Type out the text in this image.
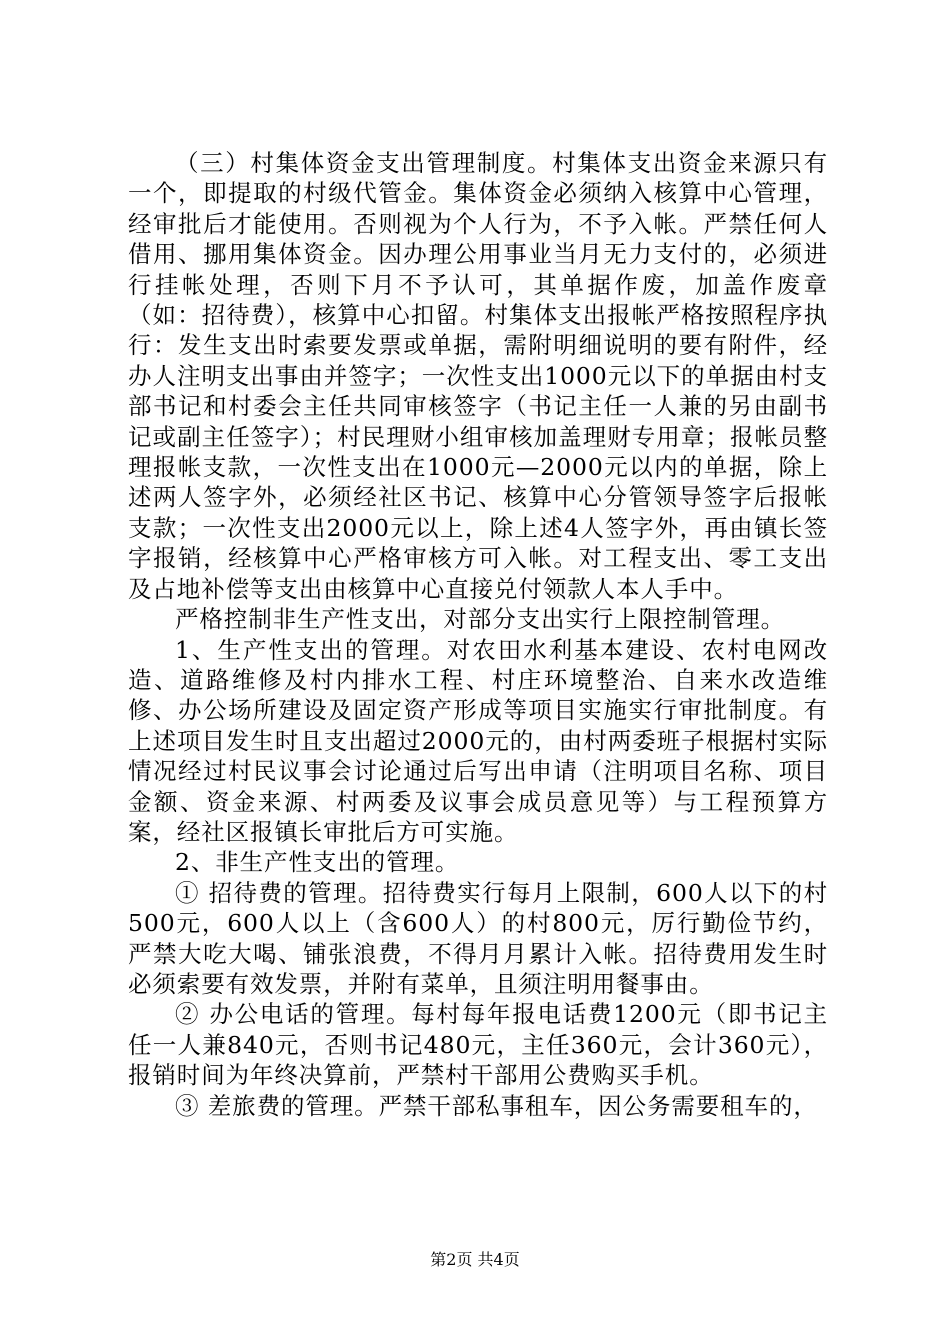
（三）村集体资金支出管理制度。村集体支出资金来源只有一个，即提取的村级代管金。集体资金必须纳入核算中心管理，经审批后才能使用。否则视为个人行为，不予入帐。严禁任何人借用、挪用集体资金。因办理公用事业当月无力支付的，必须进行挂帐处理，否则下月不予认可，其单据作废，加盖作废章（如：招待费），核算中心扣留。村集体支出报帐严格按照程序执行：发生支出时索要发票或单据，需附明细说明的要有附件，经办人注明支出事由并签字；一次性支出1000元以下的单据由村支部书记和村委会主任共同审核签字（书记主任一人兼的另由副书记或副主任签字）；村民理财小组审核加盖理财专用章；报帐员整理报帐支款，一次性支出在1000元—2000元以内的单据，除上述两人签字外，必须经社区书记、核算中心分管领导签字后报帐支款；一次性支出2000元以上，除上述4人签字外，再由镇长签字报销，经核算中心严格审核方可入帐。对工程支出、零工支出及占地补偿等支出由核算中心直接兑付领款人本人手中。

严格控制非生产性支出，对部分支出实行上限控制管理。

1、生产性支出的管理。对农田水利基本建设、农村电网改造、道路维修及村内排水工程、村庄环境整治、自来水改造维修、办公场所建设及固定资产形成等项目实施实行审批制度。有上述项目发生时且支出超过2000元的，由村两委班子根据村实际情况经过村民议事会讨论通过后写出申请（注明项目名称、项目金额、资金来源、村两委及议事会成员意见等）与工程预算方案，经社区报镇长审批后方可实施。

2、非生产性支出的管理。

① 招待费的管理。招待费实行每月上限制，600人以下的村500元，600人以上（含600人）的村800元，厉行勤俭节约，严禁大吃大喝、铺张浪费，不得月月累计入帐。招待费用发生时必须索要有效发票，并附有菜单，且须注明用餐事由。

② 办公电话的管理。每村每年报电话费1200元（即书记主任一人兼840元，否则书记480元，主任360元，会计360元），报销时间为年终决算前，严禁村干部用公费购买手机。

③ 差旅费的管理。严禁干部私事租车，因公务需要租车的，

第2页 共4页
